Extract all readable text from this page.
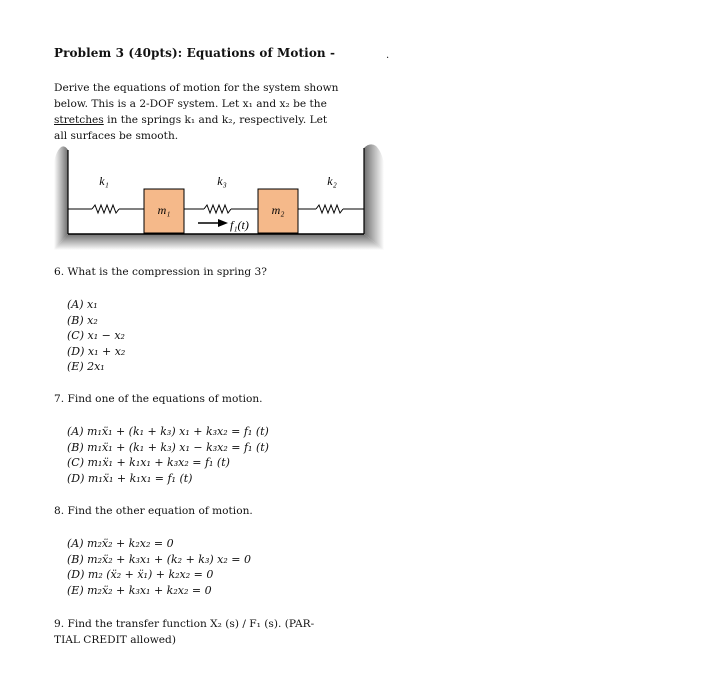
Problem 3 (40pts): Equations of Motion -	.
Derive the equations of motion for the system shown
below. This is a 2-DOF system. Let x₁ and x₂ be the
stretches in the springs k₁ and k₂, respectively. Let
all surfaces be smooth.
k₁	k₃	k₂
m₁	m₂
f₁(t)
6. What is the compression in spring 3?
(A) x₁
(B) x₂
(C) x₁ − x₂
(D) x₁ + x₂
(E) 2x₁
7. Find one of the equations of motion.
(A) m₁ẍ₁ + (k₁ + k₃) x₁ + k₃x₂ = f₁ (t)
(B) m₁ẍ₁ + (k₁ + k₃) x₁ − k₃x₂ = f₁ (t)
(C) m₁ẍ₁ + k₁x₁ + k₃x₂ = f₁ (t)
(D) m₁ẍ₁ + k₁x₁ = f₁ (t)
8. Find the other equation of motion.
(A) m₂ẍ₂ + k₂x₂ = 0
(B) m₂ẍ₂ + k₃x₁ + (k₂ + k₃) x₂ = 0
(D) m₂ (ẍ₂ + ẍ₁) + k₂x₂ = 0
(E) m₂ẍ₂ + k₃x₁ + k₂x₂ = 0
9. Find the transfer function X₂ (s) / F₁ (s). (PAR-
TIAL CREDIT allowed)
